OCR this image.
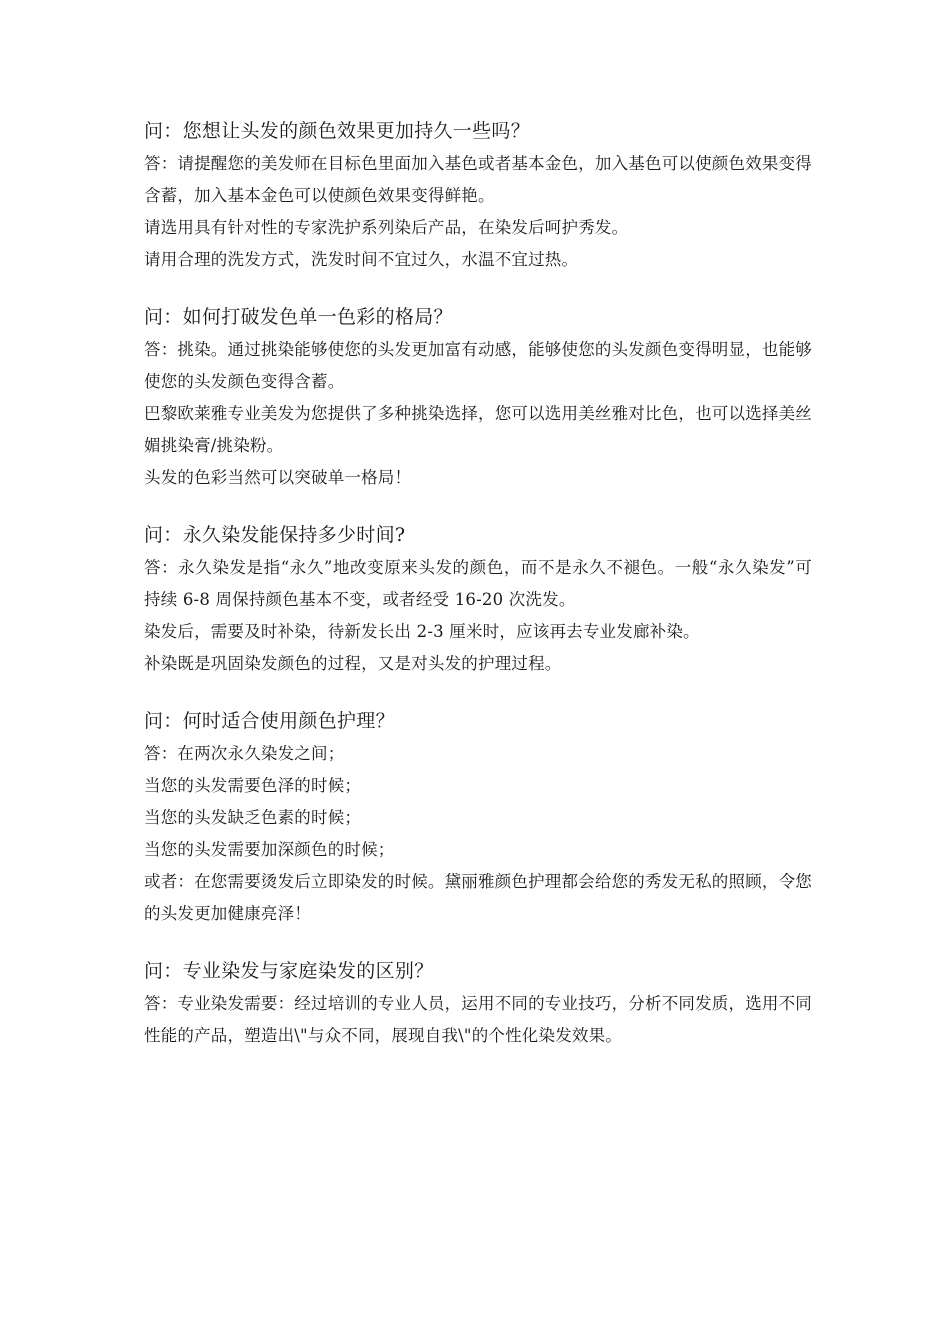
问：您想让头发的颜色效果更加持久一些吗？

答：请提醒您的美发师在目标色里面加入基色或者基本金色，加入基色可以使颜色效果变得含蓄，加入基本金色可以使颜色效果变得鲜艳。

请选用具有针对性的专家洗护系列染后产品，在染发后呵护秀发。

请用合理的洗发方式，洗发时间不宜过久，水温不宜过热。

问：如何打破发色单一色彩的格局？

答：挑染。通过挑染能够使您的头发更加富有动感，能够使您的头发颜色变得明显，也能够使您的头发颜色变得含蓄。

巴黎欧莱雅专业美发为您提供了多种挑染选择，您可以选用美丝雅对比色，也可以选择美丝媚挑染膏/挑染粉。

头发的色彩当然可以突破单一格局！

问：永久染发能保持多少时间?

答：永久染发是指“永久”地改变原来头发的颜色，而不是永久不褪色。一般“永久染发”可持续 6-8 周保持颜色基本不变，或者经受 16-20 次洗发。

染发后，需要及时补染，待新发长出 2-3 厘米时，应该再去专业发廊补染。

补染既是巩固染发颜色的过程，又是对头发的护理过程。

问：何时适合使用颜色护理？

答：在两次永久染发之间；

当您的头发需要色泽的时候；

当您的头发缺乏色素的时候；

当您的头发需要加深颜色的时候；

或者：在您需要烫发后立即染发的时候。黛丽雅颜色护理都会给您的秀发无私的照顾，令您的头发更加健康亮泽！

问：专业染发与家庭染发的区别？

答：专业染发需要：经过培训的专业人员，运用不同的专业技巧，分析不同发质，选用不同性能的产品，塑造出\"与众不同，展现自我\"的个性化染发效果。
